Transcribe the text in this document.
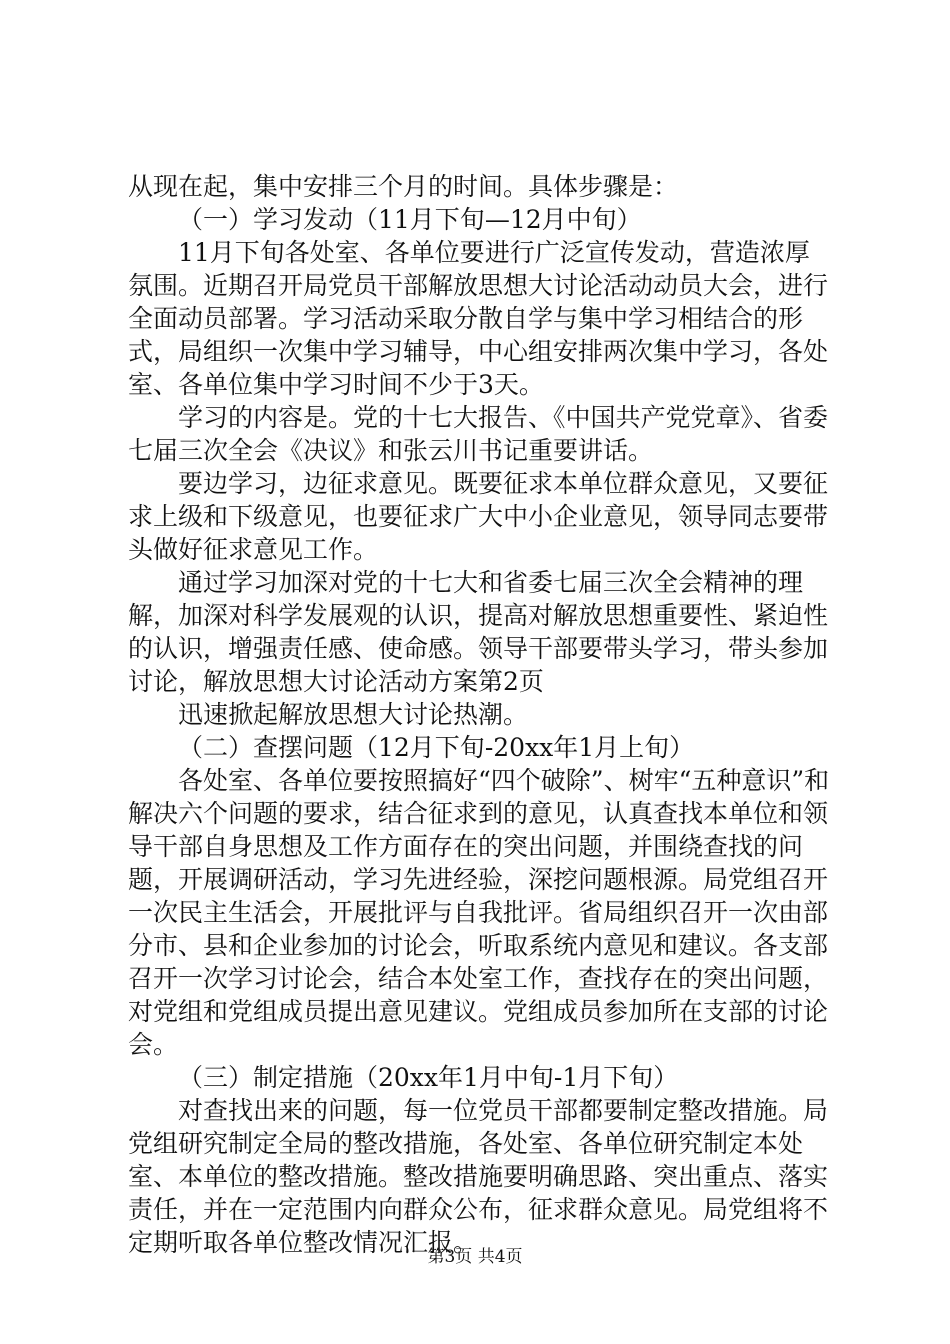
从现在起，集中安排三个月的时间。具体步骤是：

（一）学习发动（11月下旬—12月中旬）

11月下旬各处室、各单位要进行广泛宣传发动，营造浓厚氛围。近期召开局党员干部解放思想大讨论活动动员大会，进行全面动员部署。学习活动采取分散自学与集中学习相结合的形式，局组织一次集中学习辅导，中心组安排两次集中学习，各处室、各单位集中学习时间不少于3天。

学习的内容是。党的十七大报告、《中国共产党党章》、省委七届三次全会《决议》和张云川书记重要讲话。

要边学习，边征求意见。既要征求本单位群众意见，又要征求上级和下级意见，也要征求广大中小企业意见，领导同志要带头做好征求意见工作。

通过学习加深对党的十七大和省委七届三次全会精神的理解，加深对科学发展观的认识，提高对解放思想重要性、紧迫性的认识，增强责任感、使命感。领导干部要带头学习，带头参加讨论，解放思想大讨论活动方案第2页

迅速掀起解放思想大讨论热潮。

（二）查摆问题（12月下旬-20xx年1月上旬）

各处室、各单位要按照搞好“四个破除”、树牢“五种意识”和解决六个问题的要求，结合征求到的意见，认真查找本单位和领导干部自身思想及工作方面存在的突出问题，并围绕查找的问题，开展调研活动，学习先进经验，深挖问题根源。局党组召开一次民主生活会，开展批评与自我批评。省局组织召开一次由部分市、县和企业参加的讨论会，听取系统内意见和建议。各支部召开一次学习讨论会，结合本处室工作，查找存在的突出问题，对党组和党组成员提出意见建议。党组成员参加所在支部的讨论会。

（三）制定措施（20xx年1月中旬-1月下旬）

对查找出来的问题，每一位党员干部都要制定整改措施。局党组研究制定全局的整改措施，各处室、各单位研究制定本处室、本单位的整改措施。整改措施要明确思路、突出重点、落实责任，并在一定范围内向群众公布，征求群众意见。局党组将不定期听取各单位整改情况汇报。

第3页 共4页
